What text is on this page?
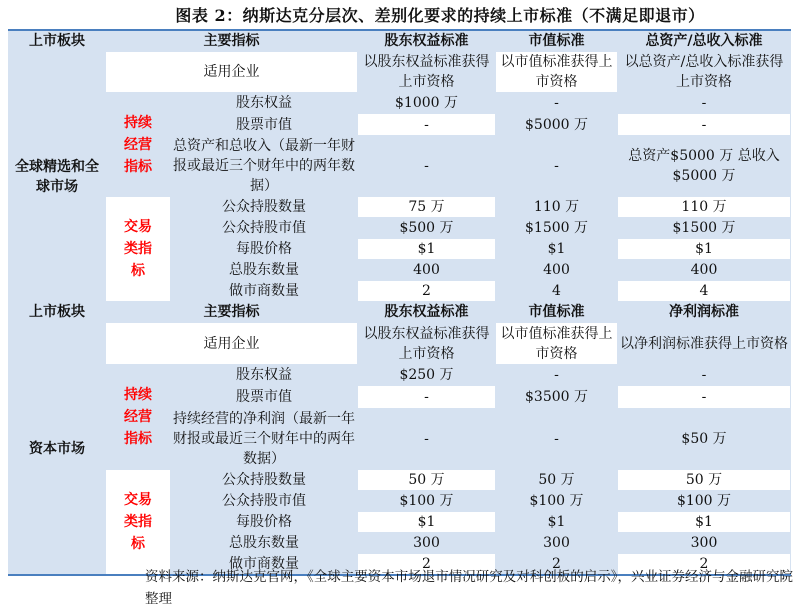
图表 2：纳斯达克分层次、差别化要求的持续上市标准（不满足即退市）
上市板块	主要指标		股东权益标准	市值标准	总资产/总收入标准
全球精选和全球市场	适用企业		以股东权益标准获得上市资格	以市值标准获得上市资格	以总资产/总收入标准获得上市资格
	持续经营指标	股东权益	$1000 万	-	-
		股票市值	-	$5000 万	-
		总资产和总收入（最新一年财报或最近三个财年中的两年数据）	-	-	总资产$5000 万 总收入$5000 万
	交易类指标	公众持股数量	75 万	110 万	110 万
		公众持股市值	$500 万	$1500 万	$1500 万
		每股价格	$1	$1	$1
		总股东数量	400	400	400
		做市商数量	2	4	4
上市板块	主要指标		股东权益标准	市值标准	净利润标准
资本市场	适用企业		以股东权益标准获得上市资格	以市值标准获得上市资格	以净利润标准获得上市资格
	持续经营指标	股东权益	$250 万	-	-
		股票市值	-	$3500 万	-
		持续经营的净利润（最新一年财报或最近三个财年中的两年数据）	-	-	$50 万
	交易类指标	公众持股数量	50 万	50 万	50 万
		公众持股市值	$100 万	$100 万	$100 万
		每股价格	$1	$1	$1
		总股东数量	300	300	300
		做市商数量	2	2	2
资料来源：纳斯达克官网，《全球主要资本市场退市情况研究及对科创板的启示》，兴业证券经济与金融研究院整理
